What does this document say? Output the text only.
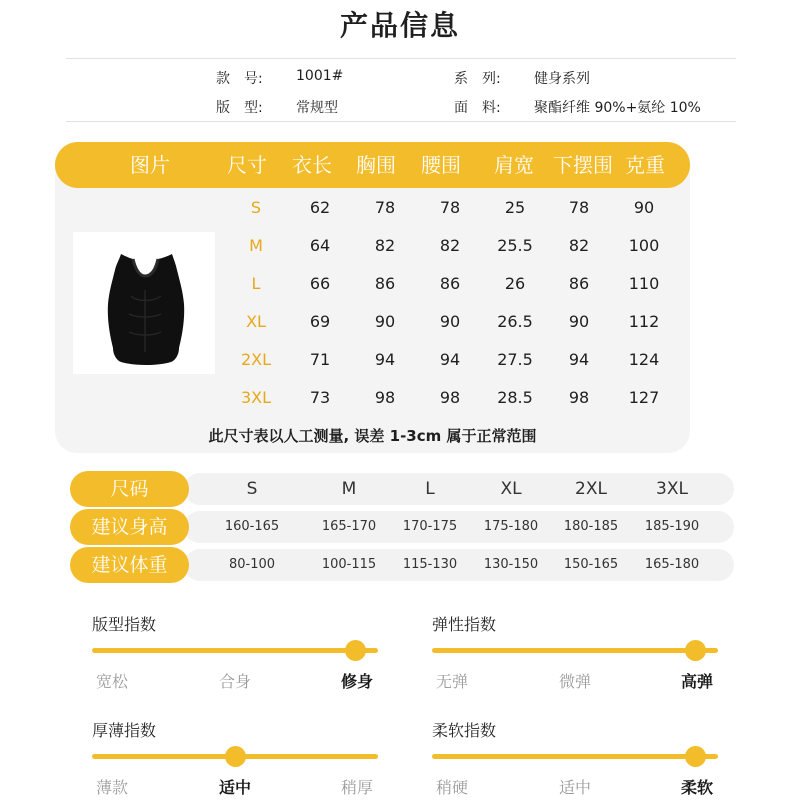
产品信息
款　号: 1001#	系　列: 健身系列
版　型: 常规型	面　料: 聚酯纤维 90%+氨纶 10%
图片	尺寸	衣长	胸围	腰围	肩宽 下摆围 克重
此尺寸表以人工测量, 误差 1-3cm 属于正常范围
S	62	78	78	25	78	90
M	64	82	82	25.5	82	100
L	66	86	86	26	86	110
XL	69	90	90	26.5	90	112
2XL	71	94	94	27.5	94	124
3XL	73	98	98	28.5	98	127
尺码	S	M	L	XL	2XL	3XL
建议身高	160-165	165-170	170-175	175-180	180-185	185-190
建议体重	80-100	100-115	115-130	130-150	150-165	165-180
版型指数
宽松	合身	修身
弹性指数
无弹	微弹	高弹
厚薄指数
薄款	适中	稍厚
柔软指数
稍硬	适中	柔软
